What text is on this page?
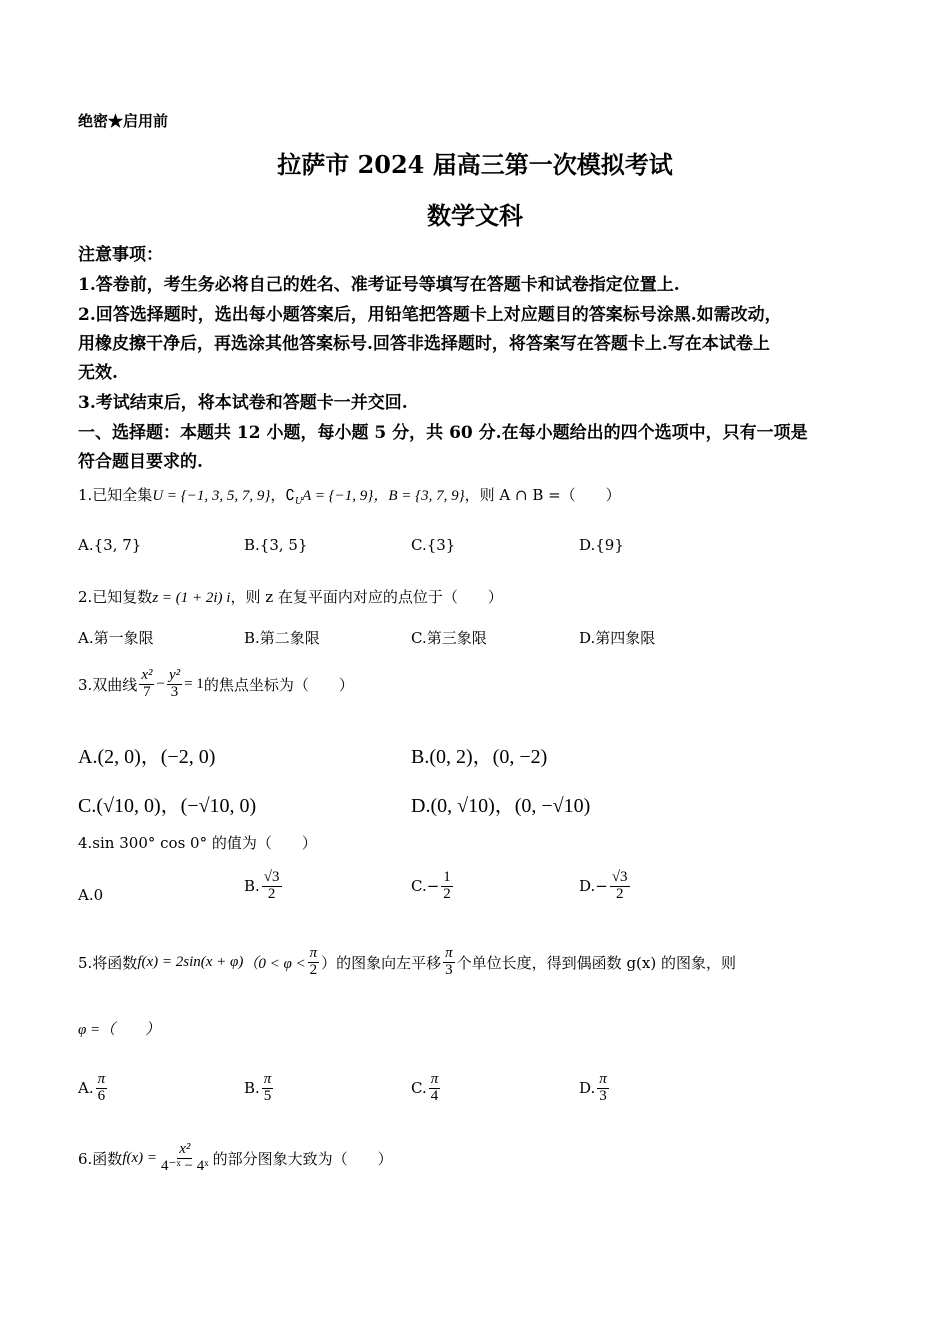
绝密★启用前
拉萨市 2024 届高三第一次模拟考试
数学文科
注意事项：
1.答卷前，考生务必将自己的姓名、准考证号等填写在答题卡和试卷指定位置上.
2.回答选择题时，选出每小题答案后，用铅笔把答题卡上对应题目的答案标号涂黑.如需改动，
用橡皮擦干净后，再选涂其他答案标号.回答非选择题时，将答案写在答题卡上.写在本试卷上
无效.
3.考试结束后，将本试卷和答题卡一并交回.
一、选择题：本题共 12 小题，每小题 5 分，共 60 分.在每小题给出的四个选项中，只有一项是
符合题目要求的.
1.已知全集U = {−1, 3, 5, 7, 9}，$∁_UA = \{-1$, 9}，B = {3, 7, 9}，则 A ∩ B =（　　）
A.{3, 7}	B.{3, 5}	C.{3}	D.{9}
2.已知复数z = (1 + 2i) i，则 z 在复平面内对应的点位于（　　）
A.第一象限	B.第二象限	C.第三象限	D.第四象限
3.双曲线 $\frac{\text{x²}}{7} - \frac{\text{y²}}{3} = 1$ 的焦点坐标为（　　）
A.(2, 0)，(−2, 0)	B.(0, 2)，(0, −2)
C.(√10, 0)，(−√10, 0)	D.(0, √10)，(0, −√10)
4.sin 300° cos 0° 的值为（　　）
A.0	B. $\frac{√3}{2}$	$C.- \frac{1}{2}$	$D.- \frac{√3}{2}$
5.将函数 f(x) = 2sin(x + φ) （$0 < \varphi < \frac{\pi}{2}$ ）的图象向左平移 $\frac{\pi}{3}$ 个单位长度，得到偶函数 g(x) 的图象，则
φ =（　　）
A. $\frac{\pi}{6}$	B. $\frac{\pi}{5}$	C. $\frac{\pi}{4}$	D. $\frac{\pi}{3}$
6.函数 $f(x) = \frac{\text{x²}}{\text{4⁻ˣ − 4ˣ}}$ 的部分图象大致为（　　）
